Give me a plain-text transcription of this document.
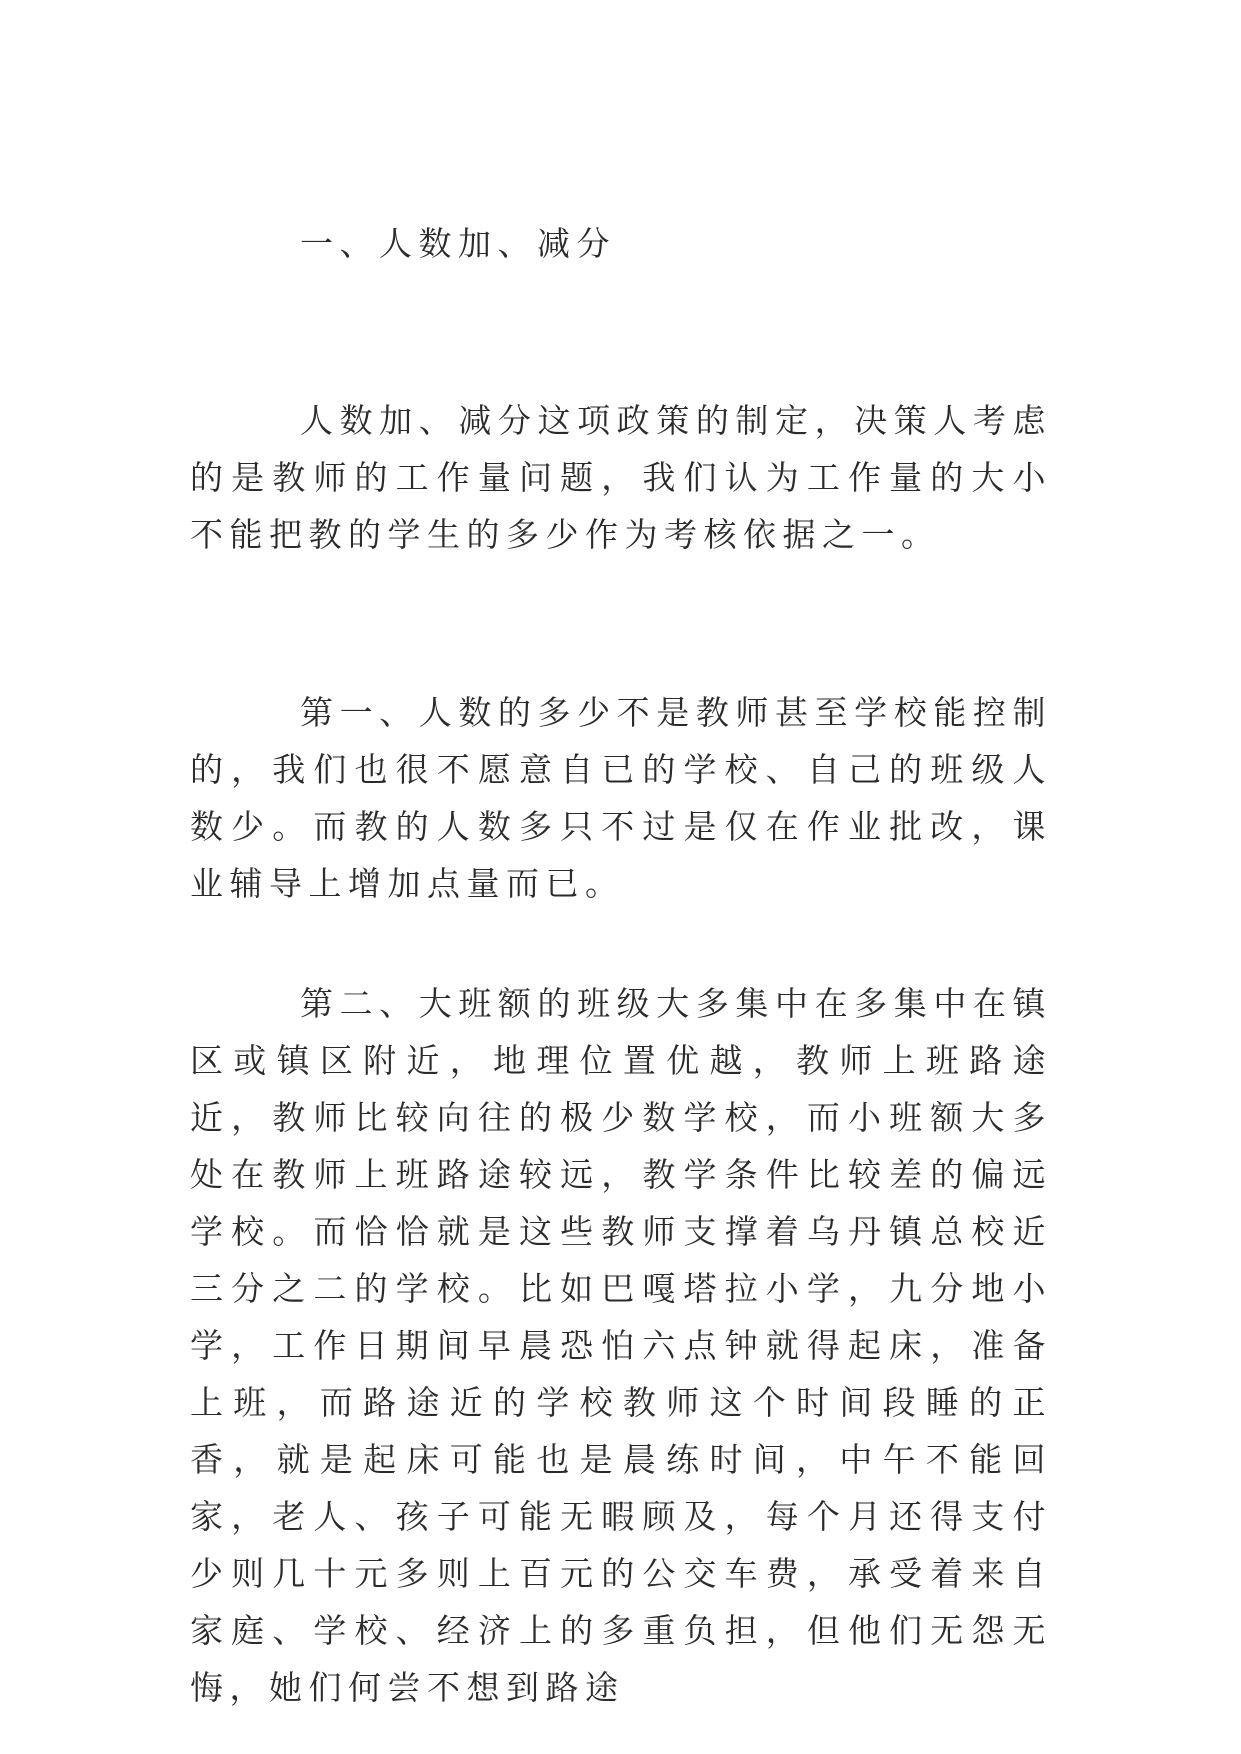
一、人数加、减分

人数加、减分这项政策的制定，决策人考虑的是教师的工作量问题，我们认为工作量的大小不能把教的学生的多少作为考核依据之一。

第一、人数的多少不是教师甚至学校能控制的，我们也很不愿意自已的学校、自己的班级人数少。而教的人数多只不过是仅在作业批改，课业辅导上增加点量而已。

第二、大班额的班级大多集中在多集中在镇区或镇区附近，地理位置优越，教师上班路途近，教师比较向往的极少数学校，而小班额大多处在教师上班路途较远，教学条件比较差的偏远学校。而恰恰就是这些教师支撑着乌丹镇总校近三分之二的学校。比如巴嘎塔拉小学，九分地小学，工作日期间早晨恐怕六点钟就得起床，准备上班，而路途近的学校教师这个时间段睡的正香，就是起床可能也是晨练时间，中午不能回家，老人、孩子可能无暇顾及，每个月还得支付少则几十元多则上百元的公交车费，承受着来自家庭、学校、经济上的多重负担，但他们无怨无悔，她们何尝不想到路途
